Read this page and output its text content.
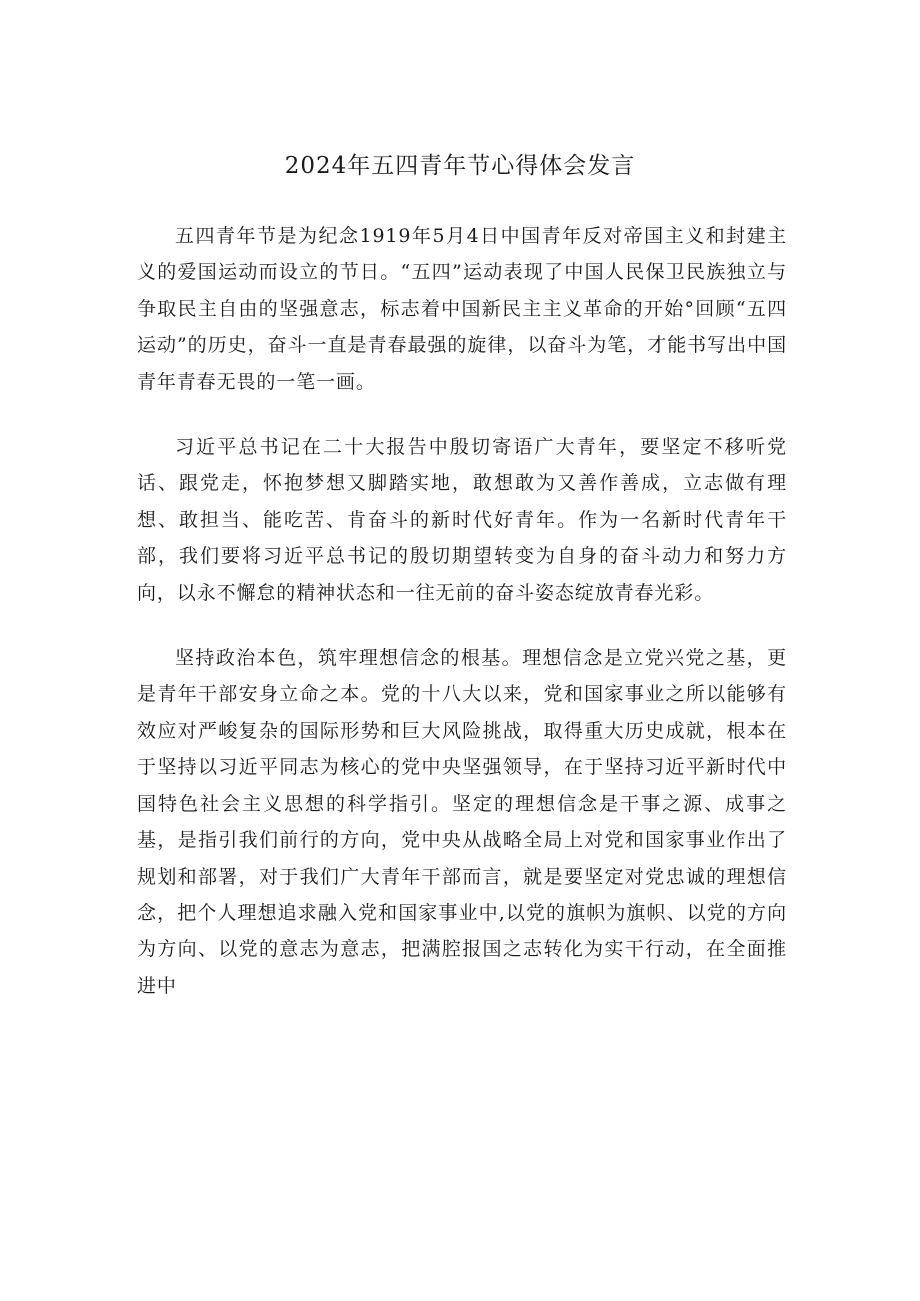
2024年五四青年节心得体会发言

五四青年节是为纪念1919年5月4日中国青年反对帝国主义和封建主义的爱国运动而设立的节日。“五四”运动表现了中国人民保卫民族独立与争取民主自由的坚强意志，标志着中国新民主主义革命的开始°回顾“五四运动”的历史，奋斗一直是青春最强的旋律，以奋斗为笔，才能书写出中国青年青春无畏的一笔一画。

习近平总书记在二十大报告中殷切寄语广大青年，要坚定不移听党话、跟党走，怀抱梦想又脚踏实地，敢想敢为又善作善成，立志做有理想、敢担当、能吃苦、肯奋斗的新时代好青年。作为一名新时代青年干部，我们要将习近平总书记的殷切期望转变为自身的奋斗动力和努力方向，以永不懈怠的精神状态和一往无前的奋斗姿态绽放青春光彩。

坚持政治本色，筑牢理想信念的根基。理想信念是立党兴党之基，更是青年干部安身立命之本。党的十八大以来，党和国家事业之所以能够有效应对严峻复杂的国际形势和巨大风险挑战，取得重大历史成就，根本在于坚持以习近平同志为核心的党中央坚强领导，在于坚持习近平新时代中国特色社会主义思想的科学指引。坚定的理想信念是干事之源、成事之基，是指引我们前行的方向，党中央从战略全局上对党和国家事业作出了规划和部署，对于我们广大青年干部而言，就是要坚定对党忠诚的理想信念，把个人理想追求融入党和国家事业中,以党的旗帜为旗帜、以党的方向为方向、以党的意志为意志，把满腔报国之志转化为实干行动，在全面推进中
